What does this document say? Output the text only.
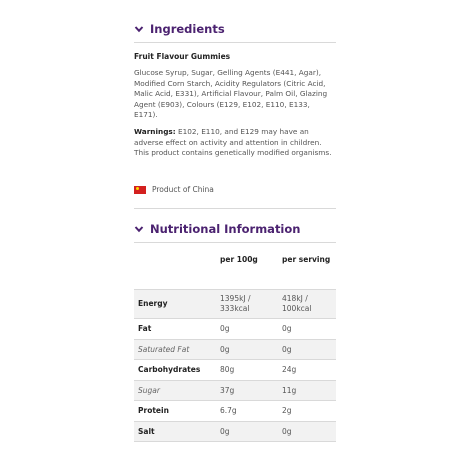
Ingredients
Fruit Flavour Gummies
Glucose Syrup, Sugar, Gelling Agents (E441, Agar), Modified Corn Starch, Acidity Regulators (Citric Acid, Malic Acid, E331), Artificial Flavour, Palm Oil, Glazing Agent (E903), Colours (E129, E102, E110, E133, E171).
Warnings: E102, E110, and E129 may have an adverse effect on activity and attention in children. This product contains genetically modified organisms.
Product of China
Nutritional Information
	per 100g	per serving
Energy	1395kJ / 333kcal	418kJ / 100kcal
Fat	0g	0g
Saturated Fat	0g	0g
Carbohydrates	80g	24g
Sugar	37g	11g
Protein	6.7g	2g
Salt	0g	0g
